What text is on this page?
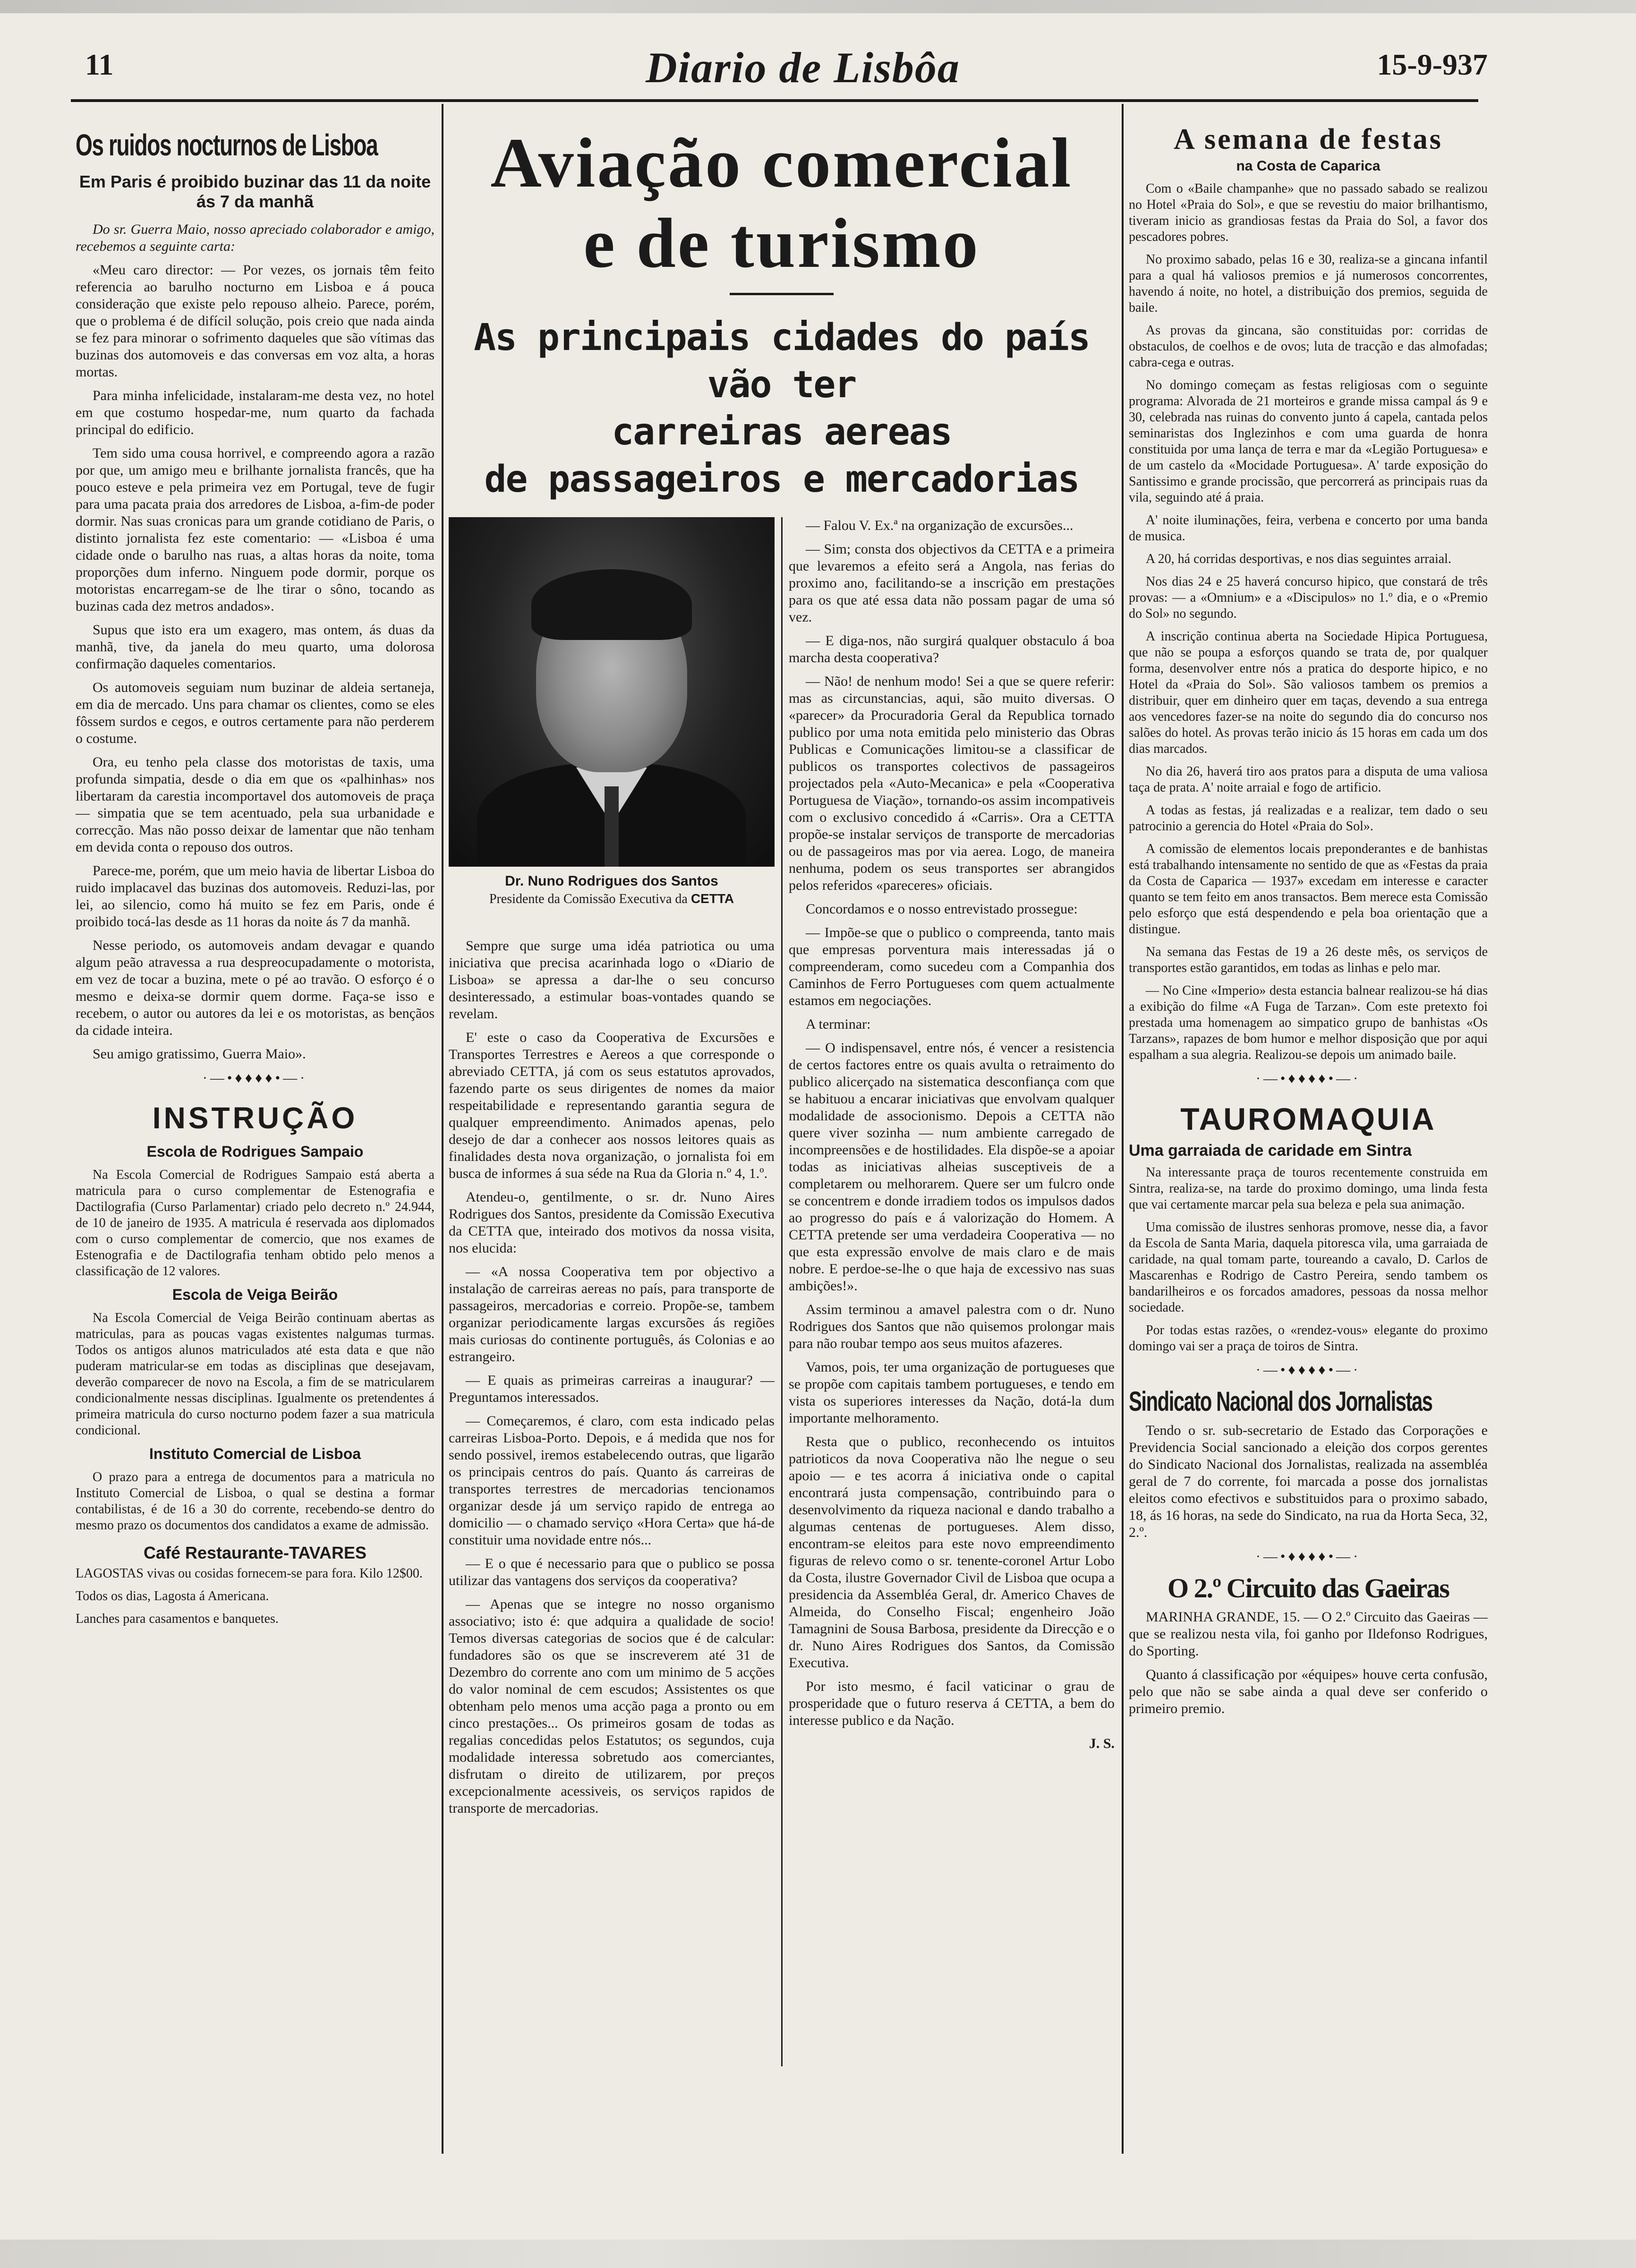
11	Diario de Lisbôa	15-9-937
Os ruidos nocturnos de Lisboa
Em Paris é proibido buzinar das 11 da noite ás 7 da manhã

Do sr. Guerra Maio, nosso apreciado colaborador e amigo, recebemos a seguinte carta:

«Meu caro director: — Por vezes, os jornais têm feito referencia ao barulho nocturno em Lisboa e á pouca consideração que existe pelo repouso alheio. Parece, porém, que o problema é de difícil solução, pois creio que nada ainda se fez para minorar o sofrimento daqueles que são vítimas das buzinas dos automoveis e das conversas em voz alta, a horas mortas.

Para minha infelicidade, instalaram-me desta vez, no hotel em que costumo hospedar-me, num quarto da fachada principal do edificio.

Tem sido uma cousa horrivel, e compreendo agora a razão por que, um amigo meu e brilhante jornalista francês, que ha pouco esteve e pela primeira vez em Portugal, teve de fugir para uma pacata praia dos arredores de Lisboa, a-fim-de poder dormir. Nas suas cronicas para um grande cotidiano de Paris, o distinto jornalista fez este comentario: — «Lisboa é uma cidade onde o barulho nas ruas, a altas horas da noite, toma proporções dum inferno. Ninguem pode dormir, porque os motoristas encarregam-se de lhe tirar o sôno, tocando as buzinas cada dez metros andados».

Supus que isto era um exagero, mas ontem, ás duas da manhã, tive, da janela do meu quarto, uma dolorosa confirmação daqueles comentarios.

Os automoveis seguiam num buzinar de aldeia sertaneja, em dia de mercado. Uns para chamar os clientes, como se eles fôssem surdos e cegos, e outros certamente para não perderem o costume.

Ora, eu tenho pela classe dos motoristas de taxis, uma profunda simpatia, desde o dia em que os «palhinhas» nos libertaram da carestia incomportavel dos automoveis de praça — simpatia que se tem acentuado, pela sua urbanidade e correcção. Mas não posso deixar de lamentar que não tenham em devida conta o repouso dos outros.

Parece-me, porém, que um meio havia de libertar Lisboa do ruido implacavel das buzinas dos automoveis. Reduzi-las, por lei, ao silencio, como há muito se fez em Paris, onde é proibido tocá-las desde as 11 horas da noite ás 7 da manhã.

Nesse periodo, os automoveis andam devagar e quando algum peão atravessa a rua despreocupadamente o motorista, em vez de tocar a buzina, mete o pé ao travão. O esforço é o mesmo e deixa-se dormir quem dorme. Faça-se isso e recebem, o autor ou autores da lei e os motoristas, as bençãos da cidade inteira.

Seu amigo gratissimo, Guerra Maio».

·—•♦♦♦♦•—·
INSTRUÇÃO
Escola de Rodrigues Sampaio

Na Escola Comercial de Rodrigues Sampaio está aberta a matricula para o curso complementar de Estenografia e Dactilografia (Curso Parlamentar) criado pelo decreto n.º 24.944, de 10 de janeiro de 1935. A matricula é reservada aos diplomados com o curso complementar de comercio, que nos exames de Estenografia e de Dactilografia tenham obtido pelo menos a classificação de 12 valores.

Escola de Veiga Beirão

Na Escola Comercial de Veiga Beirão continuam abertas as matriculas, para as poucas vagas existentes nalgumas turmas. Todos os antigos alunos matriculados até esta data e que não puderam matricular-se em todas as disciplinas que desejavam, deverão comparecer de novo na Escola, a fim de se matricularem condicionalmente nessas disciplinas. Igualmente os pretendentes á primeira matricula do curso nocturno podem fazer a sua matricula condicional.

Instituto Comercial de Lisboa

O prazo para a entrega de documentos para a matricula no Instituto Comercial de Lisboa, o qual se destina a formar contabilistas, é de 16 a 30 do corrente, recebendo-se dentro do mesmo prazo os documentos dos candidatos a exame de admissão.

Café Restaurante-TAVARES

LAGOSTAS vivas ou cosidas fornecem-se para fora. Kilo 12$00.

Todos os dias, Lagosta á Americana.

Lanches para casamentos e banquetes.

Aviação comercial
e de turismo
As principais cidades do país vão ter
carreiras aereas
de passageiros e mercadorias
Dr. Nuno Rodrigues dos Santos
Presidente da Comissão Executiva da CETTA

Sempre que surge uma idéa patriotica ou uma iniciativa que precisa acarinhada logo o «Diario de Lisboa» se apressa a dar-lhe o seu concurso desinteressado, a estimular boas-vontades quando se revelam.

E' este o caso da Cooperativa de Excursões e Transportes Terrestres e Aereos a que corresponde o abreviado CETTA, já com os seus estatutos aprovados, fazendo parte os seus dirigentes de nomes da maior respeitabilidade e representando garantia segura de qualquer empreendimento. Animados apenas, pelo desejo de dar a conhecer aos nossos leitores quais as finalidades desta nova organização, o jornalista foi em busca de informes á sua séde na Rua da Gloria n.º 4, 1.º.

Atendeu-o, gentilmente, o sr. dr. Nuno Aires Rodrigues dos Santos, presidente da Comissão Executiva da CETTA que, inteirado dos motivos da nossa visita, nos elucida:

— «A nossa Cooperativa tem por objectivo a instalação de carreiras aereas no país, para transporte de passageiros, mercadorias e correio. Propõe-se, tambem organizar periodicamente largas excursões ás regiões mais curiosas do continente português, ás Colonias e ao estrangeiro.

— E quais as primeiras carreiras a inaugurar? — Preguntamos interessados.

— Começaremos, é claro, com esta indicado pelas carreiras Lisboa-Porto. Depois, e á medida que nos for sendo possivel, iremos estabelecendo outras, que ligarão os principais centros do país. Quanto ás carreiras de transportes terrestres de mercadorias tencionamos organizar desde já um serviço rapido de entrega ao domicilio — o chamado serviço «Hora Certa» que há-de constituir uma novidade entre nós...

— E o que é necessario para que o publico se possa utilizar das vantagens dos serviços da cooperativa?

— Apenas que se integre no nosso organismo associativo; isto é: que adquira a qualidade de socio! Temos diversas categorias de socios que é de calcular: fundadores são os que se inscreverem até 31 de Dezembro do corrente ano com um minimo de 5 acções do valor nominal de cem escudos; Assistentes os que obtenham pelo menos uma acção paga a pronto ou em cinco prestações... Os primeiros gosam de todas as regalias concedidas pelos Estatutos; os segundos, cuja modalidade interessa sobretudo aos comerciantes, disfrutam o direito de utilizarem, por preços excepcionalmente acessiveis, os serviços rapidos de transporte de mercadorias.

— Falou V. Ex.ª na organização de excursões...

— Sim; consta dos objectivos da CETTA e a primeira que levaremos a efeito será a Angola, nas ferias do proximo ano, facilitando-se a inscrição em prestações para os que até essa data não possam pagar de uma só vez.

— E diga-nos, não surgirá qualquer obstaculo á boa marcha desta cooperativa?

— Não! de nenhum modo! Sei a que se quere referir: mas as circunstancias, aqui, são muito diversas. O «parecer» da Procuradoria Geral da Republica tornado publico por uma nota emitida pelo ministerio das Obras Publicas e Comunicações limitou-se a classificar de publicos os transportes colectivos de passageiros projectados pela «Auto-Mecanica» e pela «Cooperativa Portuguesa de Viação», tornando-os assim incompativeis com o exclusivo concedido á «Carris». Ora a CETTA propõe-se instalar serviços de transporte de mercadorias ou de passageiros mas por via aerea. Logo, de maneira nenhuma, podem os seus transportes ser abrangidos pelos referidos «pareceres» oficiais.

Concordamos e o nosso entrevistado prossegue:

— Impõe-se que o publico o compreenda, tanto mais que empresas porventura mais interessadas já o compreenderam, como sucedeu com a Companhia dos Caminhos de Ferro Portugueses com quem actualmente estamos em negociações.

A terminar:

— O indispensavel, entre nós, é vencer a resistencia de certos factores entre os quais avulta o retraimento do publico alicerçado na sistematica desconfiança com que se habituou a encarar iniciativas que envolvam qualquer modalidade de associonismo. Depois a CETTA não quere viver sozinha — num ambiente carregado de incompreensões e de hostilidades. Ela dispõe-se a apoiar todas as iniciativas alheias susceptiveis de a completarem ou melhorarem. Quere ser um fulcro onde se concentrem e donde irradiem todos os impulsos dados ao progresso do país e á valorização do Homem. A CETTA pretende ser uma verdadeira Cooperativa — no que esta expressão envolve de mais claro e de mais nobre. E perdoe-se-lhe o que haja de excessivo nas suas ambições!».

Assim terminou a amavel palestra com o dr. Nuno Rodrigues dos Santos que não quisemos prolongar mais para não roubar tempo aos seus muitos afazeres.

Vamos, pois, ter uma organização de portugueses que se propõe com capitais tambem portugueses, e tendo em vista os superiores interesses da Nação, dotá-la dum importante melhoramento.

Resta que o publico, reconhecendo os intuitos patrioticos da nova Cooperativa não lhe negue o seu apoio — e tes acorra á iniciativa onde o capital encontrará justa compensação, contribuindo para o desenvolvimento da riqueza nacional e dando trabalho a algumas centenas de portugueses. Alem disso, encontram-se eleitos para este novo empreendimento figuras de relevo como o sr. tenente-coronel Artur Lobo da Costa, ilustre Governador Civil de Lisboa que ocupa a presidencia da Assembléa Geral, dr. Americo Chaves de Almeida, do Conselho Fiscal; engenheiro João Tamagnini de Sousa Barbosa, presidente da Direcção e o dr. Nuno Aires Rodrigues dos Santos, da Comissão Executiva.

Por isto mesmo, é facil vaticinar o grau de prosperidade que o futuro reserva á CETTA, a bem do interesse publico e da Nação.

J. S.
A semana de festas
na Costa de Caparica

Com o «Baile champanhe» que no passado sabado se realizou no Hotel «Praia do Sol», e que se revestiu do maior brilhantismo, tiveram inicio as grandiosas festas da Praia do Sol, a favor dos pescadores pobres.

No proximo sabado, pelas 16 e 30, realiza-se a gincana infantil para a qual há valiosos premios e já numerosos concorrentes, havendo á noite, no hotel, a distribuição dos premios, seguida de baile.

As provas da gincana, são constituidas por: corridas de obstaculos, de coelhos e de ovos; luta de tracção e das almofadas; cabra-cega e outras.

No domingo começam as festas religiosas com o seguinte programa: Alvorada de 21 morteiros e grande missa campal ás 9 e 30, celebrada nas ruinas do convento junto á capela, cantada pelos seminaristas dos Inglezinhos e com uma guarda de honra constituida por uma lança de terra e mar da «Legião Portuguesa» e de um castelo da «Mocidade Portuguesa». A' tarde exposição do Santissimo e grande procissão, que percorrerá as principais ruas da vila, seguindo até á praia.

A' noite iluminações, feira, verbena e concerto por uma banda de musica.

A 20, há corridas desportivas, e nos dias seguintes arraial.

Nos dias 24 e 25 haverá concurso hipico, que constará de três provas: — a «Omnium» e a «Discipulos» no 1.º dia, e o «Premio do Sol» no segundo.

A inscrição continua aberta na Sociedade Hipica Portuguesa, que não se poupa a esforços quando se trata de, por qualquer forma, desenvolver entre nós a pratica do desporte hipico, e no Hotel da «Praia do Sol». São valiosos tambem os premios a distribuir, quer em dinheiro quer em taças, devendo a sua entrega aos vencedores fazer-se na noite do segundo dia do concurso nos salões do hotel. As provas terão inicio ás 15 horas em cada um dos dias marcados.

No dia 26, haverá tiro aos pratos para a disputa de uma valiosa taça de prata. A' noite arraial e fogo de artificio.

A todas as festas, já realizadas e a realizar, tem dado o seu patrocinio a gerencia do Hotel «Praia do Sol».

A comissão de elementos locais preponderantes e de banhistas está trabalhando intensamente no sentido de que as «Festas da praia da Costa de Caparica — 1937» excedam em interesse e caracter quanto se tem feito em anos transactos. Bem merece esta Comissão pelo esforço que está despendendo e pela boa orientação que a distingue.

Na semana das Festas de 19 a 26 deste mês, os serviços de transportes estão garantidos, em todas as linhas e pelo mar.

— No Cine «Imperio» desta estancia balnear realizou-se há dias a exibição do filme «A Fuga de Tarzan». Com este pretexto foi prestada uma homenagem ao simpatico grupo de banhistas «Os Tarzans», rapazes de bom humor e melhor disposição que por aqui espalham a sua alegria. Realizou-se depois um animado baile.

·—•♦♦♦♦•—·
TAUROMAQUIA
Uma garraiada de caridade em Sintra

Na interessante praça de touros recentemente construida em Sintra, realiza-se, na tarde do proximo domingo, uma linda festa que vai certamente marcar pela sua beleza e pela sua animação.

Uma comissão de ilustres senhoras promove, nesse dia, a favor da Escola de Santa Maria, daquela pitoresca vila, uma garraiada de caridade, na qual tomam parte, toureando a cavalo, D. Carlos de Mascarenhas e Rodrigo de Castro Pereira, sendo tambem os bandarilheiros e os forcados amadores, pessoas da nossa melhor sociedade.

Por todas estas razões, o «rendez-vous» elegante do proximo domingo vai ser a praça de toiros de Sintra.

·—•♦♦♦♦•—·
Sindicato Nacional dos Jornalistas

Tendo o sr. sub-secretario de Estado das Corporações e Previdencia Social sancionado a eleição dos corpos gerentes do Sindicato Nacional dos Jornalistas, realizada na assembléa geral de 7 do corrente, foi marcada a posse dos jornalistas eleitos como efectivos e substituidos para o proximo sabado, 18, ás 16 horas, na sede do Sindicato, na rua da Horta Seca, 32, 2.º.

·—•♦♦♦♦•—·
O 2.º Circuito das Gaeiras

MARINHA GRANDE, 15. — O 2.º Circuito das Gaeiras — que se realizou nesta vila, foi ganho por Ildefonso Rodrigues, do Sporting.

Quanto á classificação por «équipes» houve certa confusão, pelo que não se sabe ainda a qual deve ser conferido o primeiro premio.
